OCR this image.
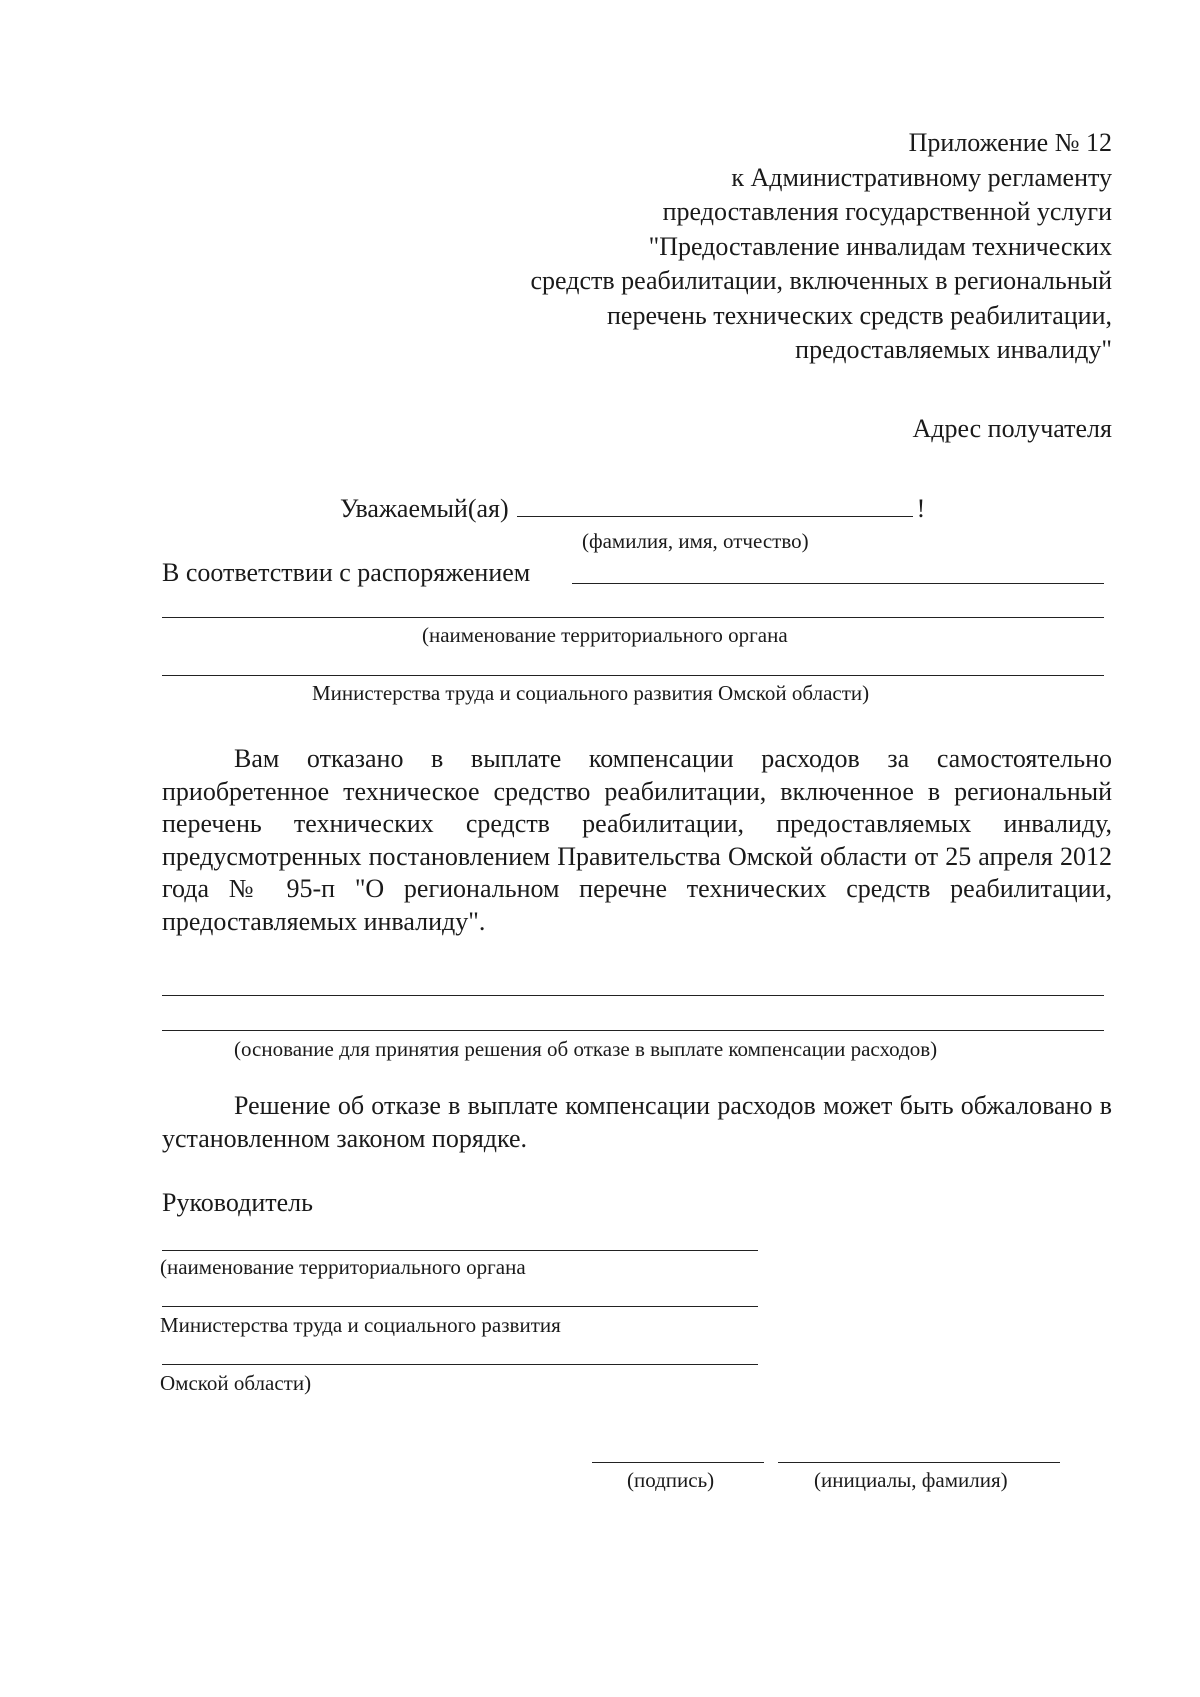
Приложение № 12
к Административному регламенту
предоставления государственной услуги
"Предоставление инвалидам технических
средств реабилитации, включенных в региональный
перечень технических средств реабилитации,
предоставляемых инвалиду"
Адрес получателя
Уважаемый(ая)	!
(фамилия, имя, отчество)
В соответствии с распоряжением
(наименование территориального органа
Министерства труда и социального развития Омской области)

Вам отказано в выплате компенсации расходов за самостоятельно приобретенное техническое средство реабилитации, включенное в региональный перечень технических средств реабилитации, предоставляемых инвалиду, предусмотренных постановлением Правительства Омской области от 25 апреля 2012 года № 95-п "О региональном перечне технических средств реабилитации, предоставляемых инвалиду".

(основание для принятия решения об отказе в выплате компенсации расходов)

Решение об отказе в выплате компенсации расходов может быть обжаловано в установленном законом порядке.

Руководитель
(наименование территориального органа
Министерства труда и социального развития
Омской области)
(подпись)	(инициалы, фамилия)
